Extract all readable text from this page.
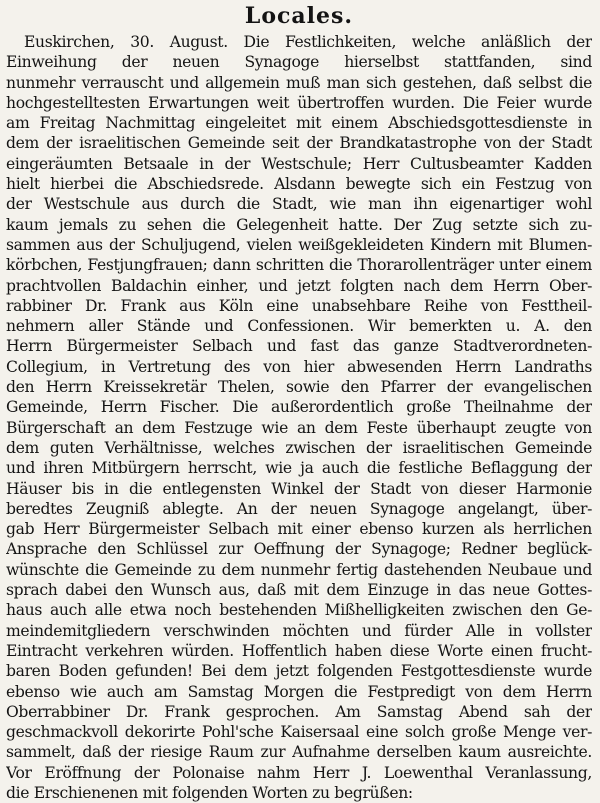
Locales.
Euskirchen, 30. August. Die Festlichkeiten, welche anläßlich der
Einweihung der neuen Synagoge hierselbst stattfanden, sind
nunmehr verrauscht und allgemein muß man sich gestehen, daß selbst die
hochgestelltesten Erwartungen weit übertroffen wurden. Die Feier wurde
am Freitag Nachmittag eingeleitet mit einem Abschiedsgottesdienste in
dem der israelitischen Gemeinde seit der Brandkatastrophe von der Stadt
eingeräumten Betsaale in der Westschule; Herr Cultusbeamter Kadden
hielt hierbei die Abschiedsrede. Alsdann bewegte sich ein Festzug von
der Westschule aus durch die Stadt, wie man ihn eigenartiger wohl
kaum jemals zu sehen die Gelegenheit hatte. Der Zug setzte sich zu-
sammen aus der Schuljugend, vielen weißgekleideten Kindern mit Blumen-
körbchen, Festjungfrauen; dann schritten die Thorarollenträger unter einem
prachtvollen Baldachin einher, und jetzt folgten nach dem Herrn Ober-
rabbiner Dr. Frank aus Köln eine unabsehbare Reihe von Festtheil-
nehmern aller Stände und Confessionen. Wir bemerkten u. A. den
Herrn Bürgermeister Selbach und fast das ganze Stadtverordneten-
Collegium, in Vertretung des von hier abwesenden Herrn Landraths
den Herrn Kreissekretär Thelen, sowie den Pfarrer der evangelischen
Gemeinde, Herrn Fischer. Die außerordentlich große Theilnahme der
Bürgerschaft an dem Festzuge wie an dem Feste überhaupt zeugte von
dem guten Verhältnisse, welches zwischen der israelitischen Gemeinde
und ihren Mitbürgern herrscht, wie ja auch die festliche Beflaggung der
Häuser bis in die entlegensten Winkel der Stadt von dieser Harmonie
beredtes Zeugniß ablegte. An der neuen Synagoge angelangt, über-
gab Herr Bürgermeister Selbach mit einer ebenso kurzen als herrlichen
Ansprache den Schlüssel zur Oeffnung der Synagoge; Redner beglück-
wünschte die Gemeinde zu dem nunmehr fertig dastehenden Neubaue und
sprach dabei den Wunsch aus, daß mit dem Einzuge in das neue Gottes-
haus auch alle etwa noch bestehenden Mißhelligkeiten zwischen den Ge-
meindemitgliedern verschwinden möchten und fürder Alle in vollster
Eintracht verkehren würden. Hoffentlich haben diese Worte einen frucht-
baren Boden gefunden! Bei dem jetzt folgenden Festgottesdienste wurde
ebenso wie auch am Samstag Morgen die Festpredigt von dem Herrn
Oberrabbiner Dr. Frank gesprochen. Am Samstag Abend sah der
geschmackvoll dekorirte Pohl'sche Kaisersaal eine solch große Menge ver-
sammelt, daß der riesige Raum zur Aufnahme derselben kaum ausreichte.
Vor Eröffnung der Polonaise nahm Herr J. Loewenthal Veranlassung,
die Erschienenen mit folgenden Worten zu begrüßen:
